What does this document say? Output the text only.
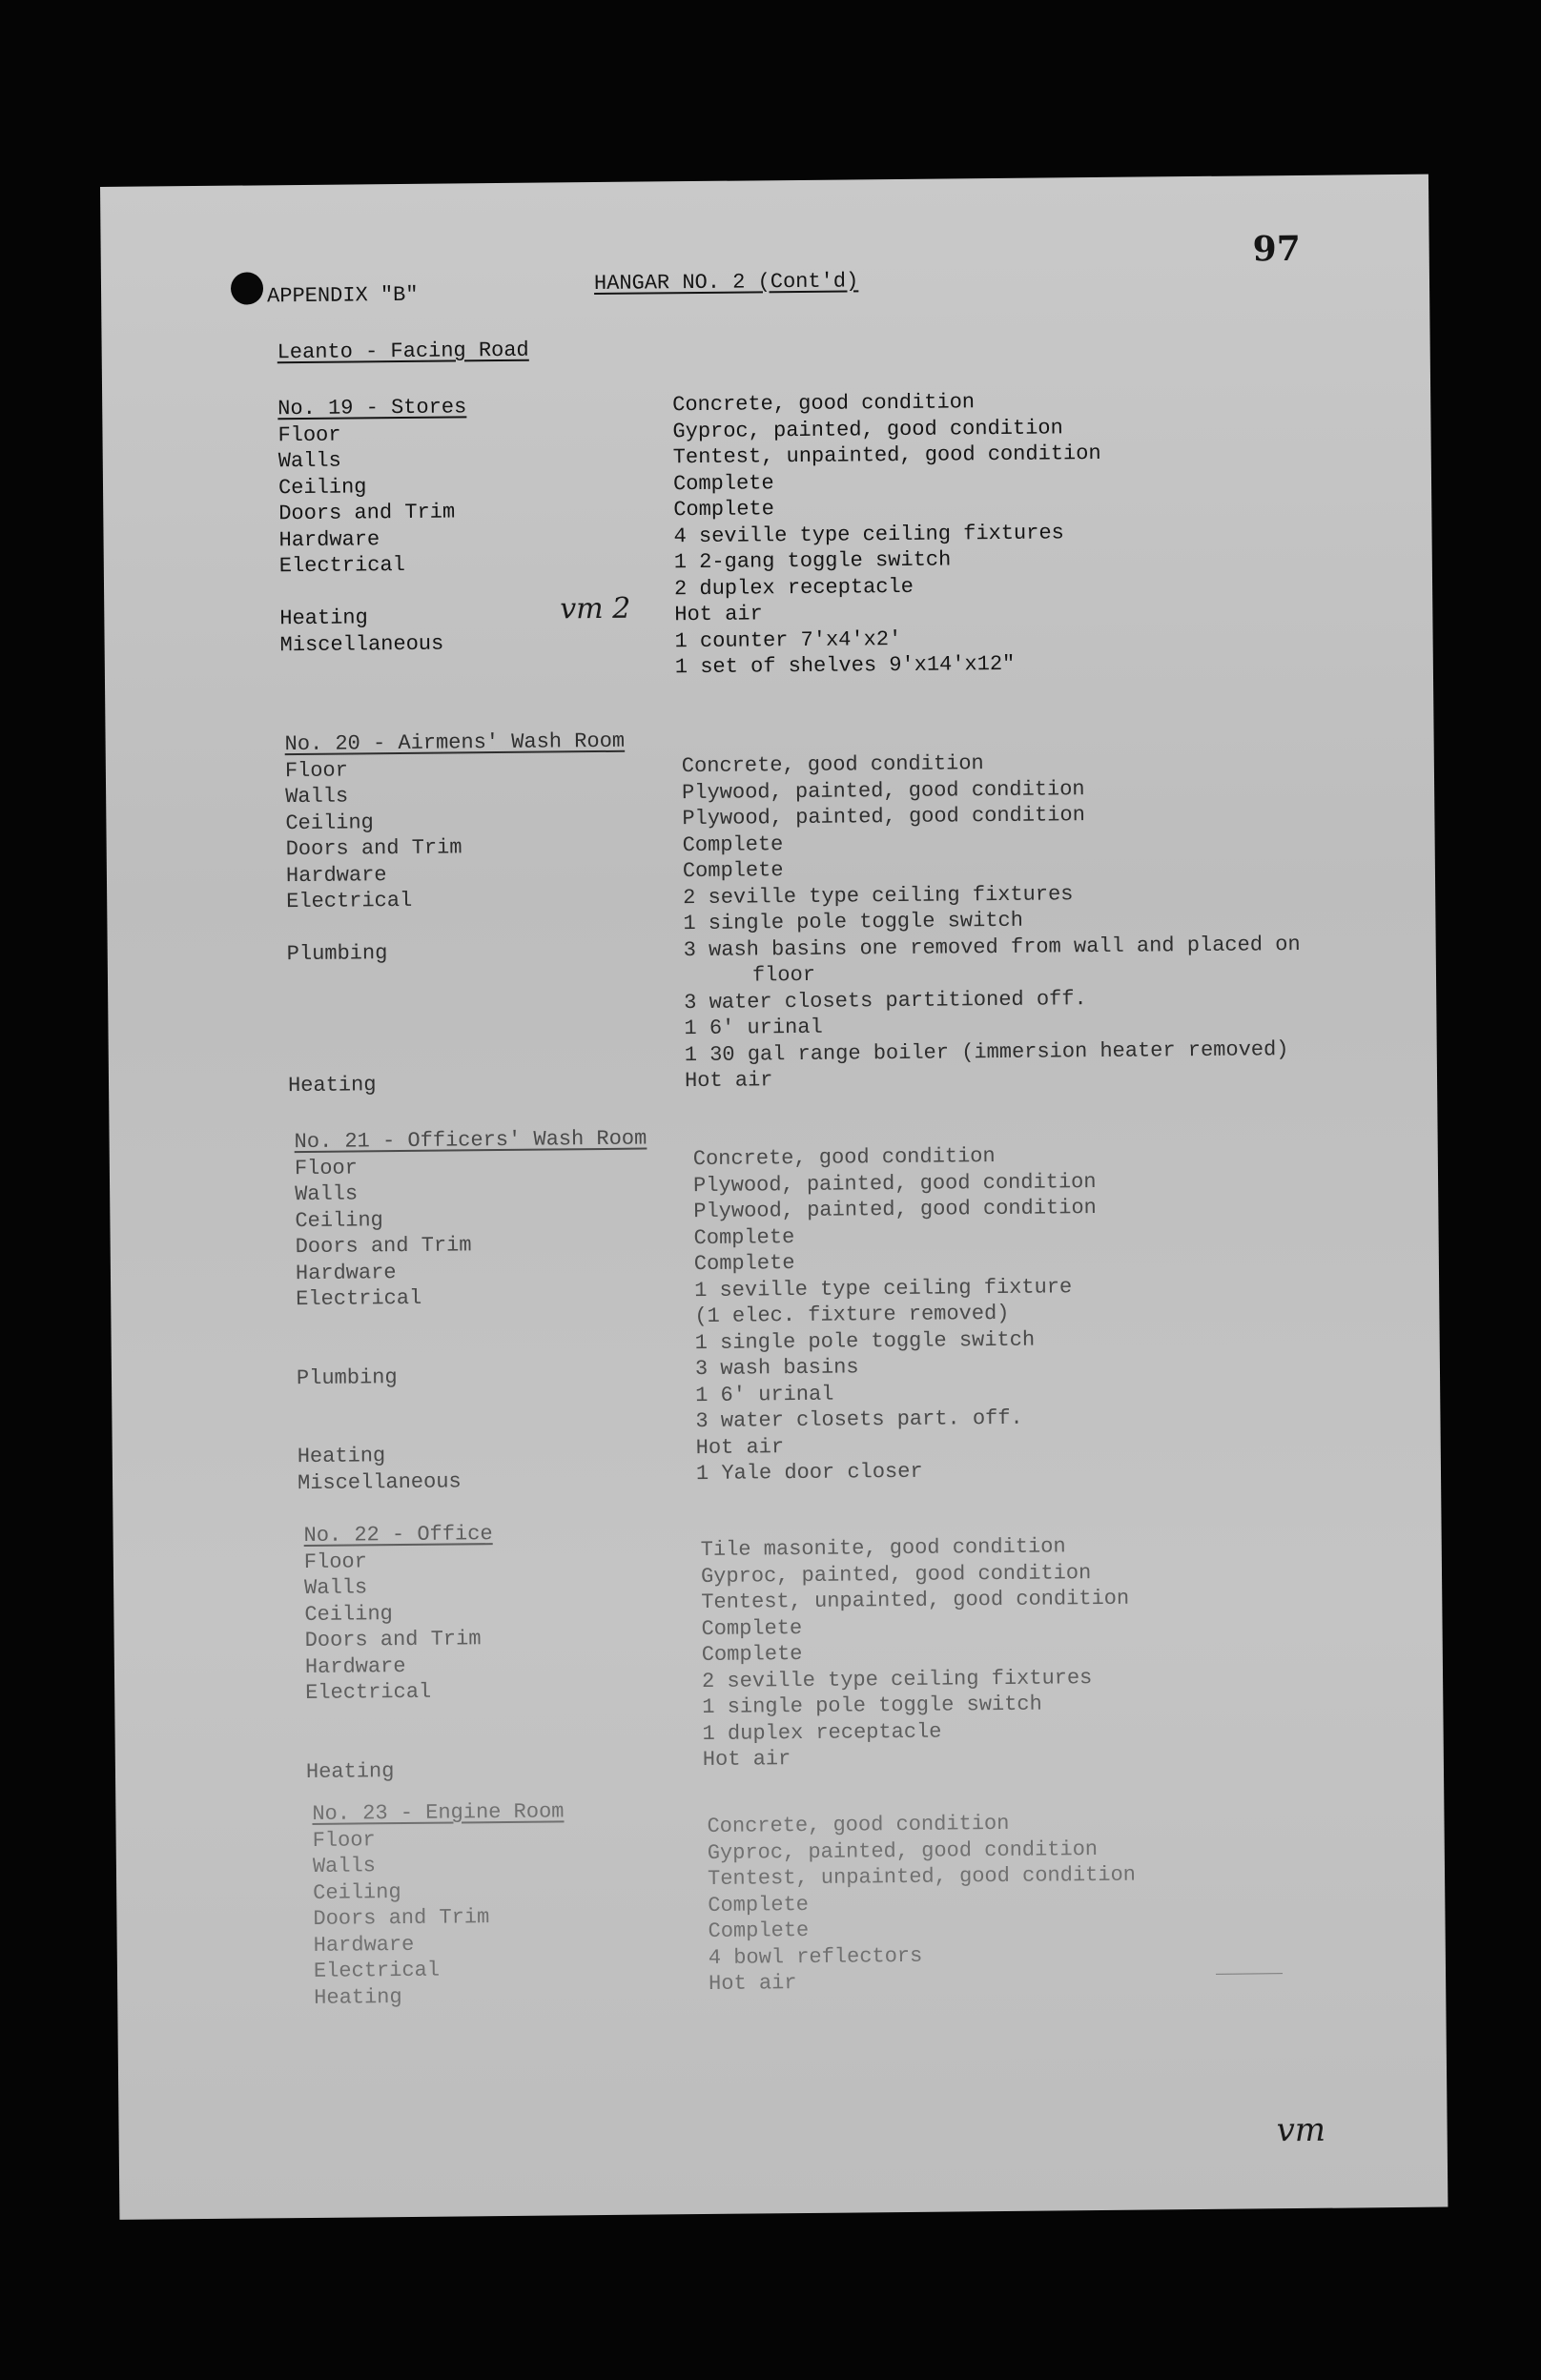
APPENDIX "B"
HANGAR NO. 2 (Cont'd)
97
Leanto - Facing Road
No. 19 - Stores
Floor
Walls
Ceiling
Doors and Trim
Hardware
Electrical

Heating
Miscellaneous
Concrete, good condition
Gyproc, painted, good condition
Tentest, unpainted, good condition
Complete
Complete
4 seville type ceiling fixtures
1 2-gang toggle switch
2 duplex receptacle
Hot air
1 counter 7'x4'x2'
1 set of shelves 9'x14'x12"
vm 2
No. 20 - Airmens' Wash Room
Floor
Walls
Ceiling
Doors and Trim
Hardware
Electrical

Plumbing

Heating
Concrete, good condition
Plywood, painted, good condition
Plywood, painted, good condition
Complete
Complete
2 seville type ceiling fixtures
1 single pole toggle switch
3 wash basins one removed from wall and placed on
floor
3 water closets partitioned off.
1 6' urinal
1 30 gal range boiler (immersion heater removed)
Hot air
No. 21 - Officers' Wash Room
Floor
Walls
Ceiling
Doors and Trim
Hardware
Electrical

Plumbing

Heating
Miscellaneous
Concrete, good condition
Plywood, painted, good condition
Plywood, painted, good condition
Complete
Complete
1 seville type ceiling fixture
(1 elec. fixture removed)
1 single pole toggle switch
3 wash basins
1 6' urinal
3 water closets part. off.
Hot air
1 Yale door closer
No. 22 - Office
Floor
Walls
Ceiling
Doors and Trim
Hardware
Electrical

Heating
Tile masonite, good condition
Gyproc, painted, good condition
Tentest, unpainted, good condition
Complete
Complete
2 seville type ceiling fixtures
1 single pole toggle switch
1 duplex receptacle
Hot air
No. 23 - Engine Room
Floor
Walls
Ceiling
Doors and Trim
Hardware
Electrical
Heating
Concrete, good condition
Gyproc, painted, good condition
Tentest, unpainted, good condition
Complete
Complete
4 bowl reflectors
Hot air
vm
